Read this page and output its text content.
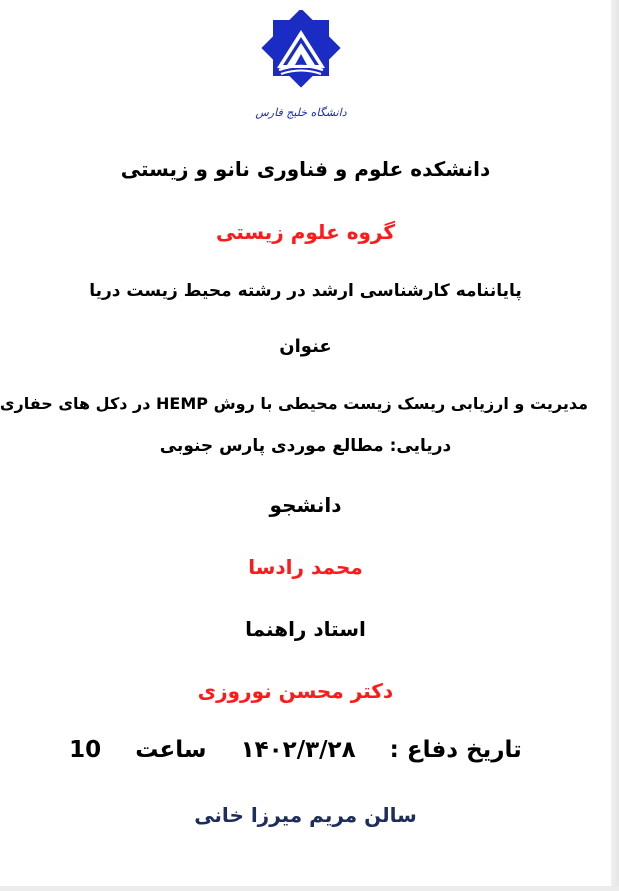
دانشگاه خلیج فارس
دانشکده علوم و فناوری نانو و زیستی
گروه علوم زیستی
پایاننامه کارشناسی ارشد در رشته محیط زیست دریا
عنوان
مدیریت و ارزیابی ریسک زیست محیطی با روش HEMP در دکل های حفاری
دریایی: مطالع موردی پارس جنوبی
دانشجو
محمد رادسا
استاد راهنما
دکتر محسن نوروزی
تاریخ دفاع :  ۱۴۰۲/۳/۲۸  ساعت  10
سالن مریم میرزا خانی
